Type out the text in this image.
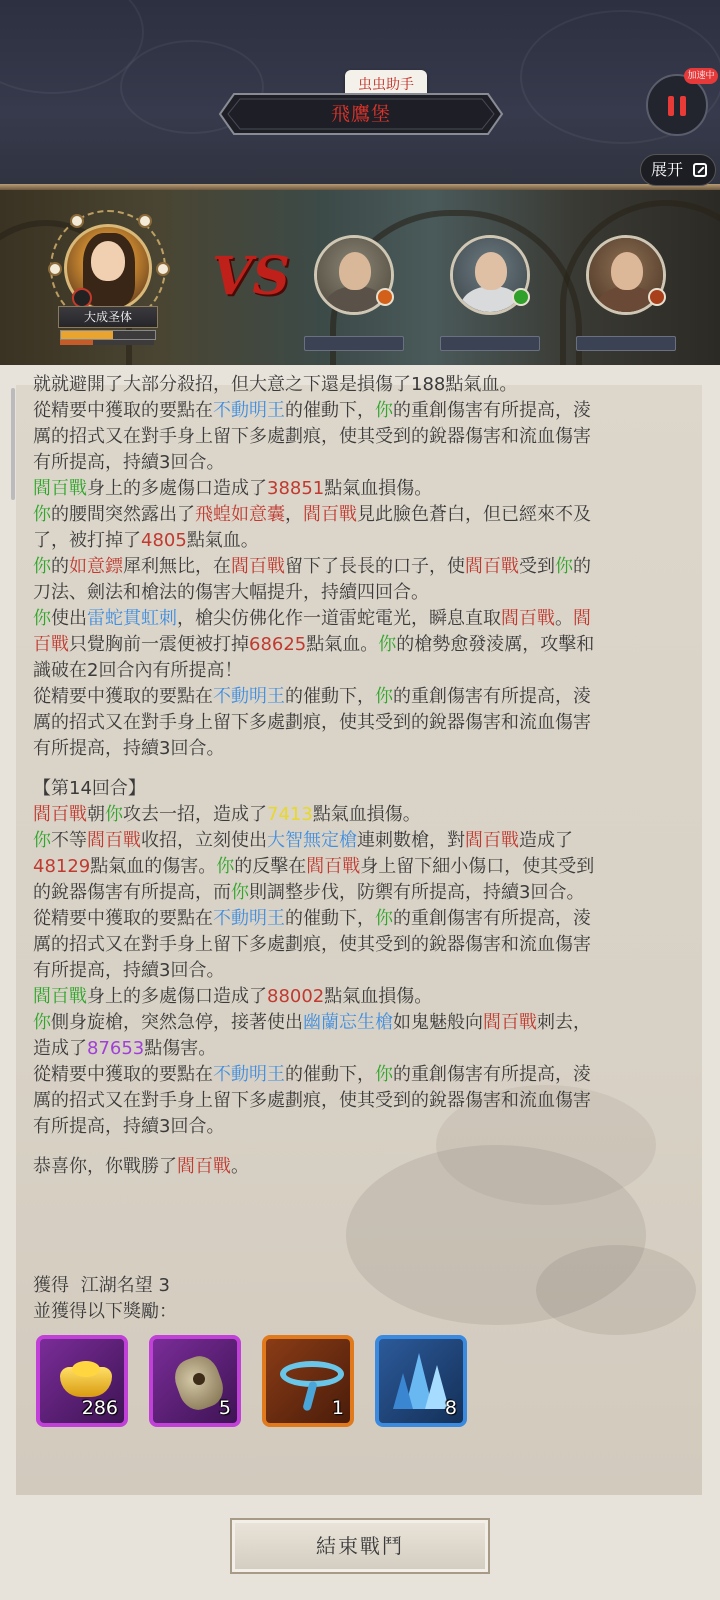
虫虫助手
飛鷹堡
加速中
展开
大成圣体
VS
就就避開了大部分殺招，但大意之下還是損傷了188點氣血。
從精要中獲取的要點在不動明王的催動下，你的重創傷害有所提高，淩
厲的招式又在對手身上留下多處劃痕，使其受到的銳器傷害和流血傷害
有所提高，持續3回合。
閻百戰身上的多處傷口造成了38851點氣血損傷。
你的腰間突然露出了飛蝗如意囊，閻百戰見此臉色蒼白，但已經來不及
了，被打掉了4805點氣血。
你的如意鏢犀利無比，在閻百戰留下了長長的口子，使閻百戰受到你的
刀法、劍法和槍法的傷害大幅提升，持續四回合。
你使出雷蛇貫虹刺，槍尖仿佛化作一道雷蛇電光，瞬息直取閻百戰。閻
百戰只覺胸前一震便被打掉68625點氣血。你的槍勢愈發淩厲，攻擊和
識破在2回合內有所提高！
從精要中獲取的要點在不動明王的催動下，你的重創傷害有所提高，淩
厲的招式又在對手身上留下多處劃痕，使其受到的銳器傷害和流血傷害
有所提高，持續3回合。
【第14回合】
閻百戰朝你攻去一招，造成了7413點氣血損傷。
你不等閻百戰收招，立刻使出大智無定槍連刺數槍，對閻百戰造成了
48129點氣血的傷害。你的反擊在閻百戰身上留下細小傷口，使其受到
的銳器傷害有所提高，而你則調整步伐，防禦有所提高，持續3回合。
從精要中獲取的要點在不動明王的催動下，你的重創傷害有所提高，淩
厲的招式又在對手身上留下多處劃痕，使其受到的銳器傷害和流血傷害
有所提高，持續3回合。
閻百戰身上的多處傷口造成了88002點氣血損傷。
你側身旋槍，突然急停，接著使出幽蘭忘生槍如鬼魅般向閻百戰刺去，
造成了87653點傷害。
從精要中獲取的要點在不動明王的催動下，你的重創傷害有所提高，淩
厲的招式又在對手身上留下多處劃痕，使其受到的銳器傷害和流血傷害
有所提高，持續3回合。
恭喜你，你戰勝了閻百戰。
獲得 江湖名望 3
並獲得以下獎勵：
286	5	1	8
結束戰鬥
